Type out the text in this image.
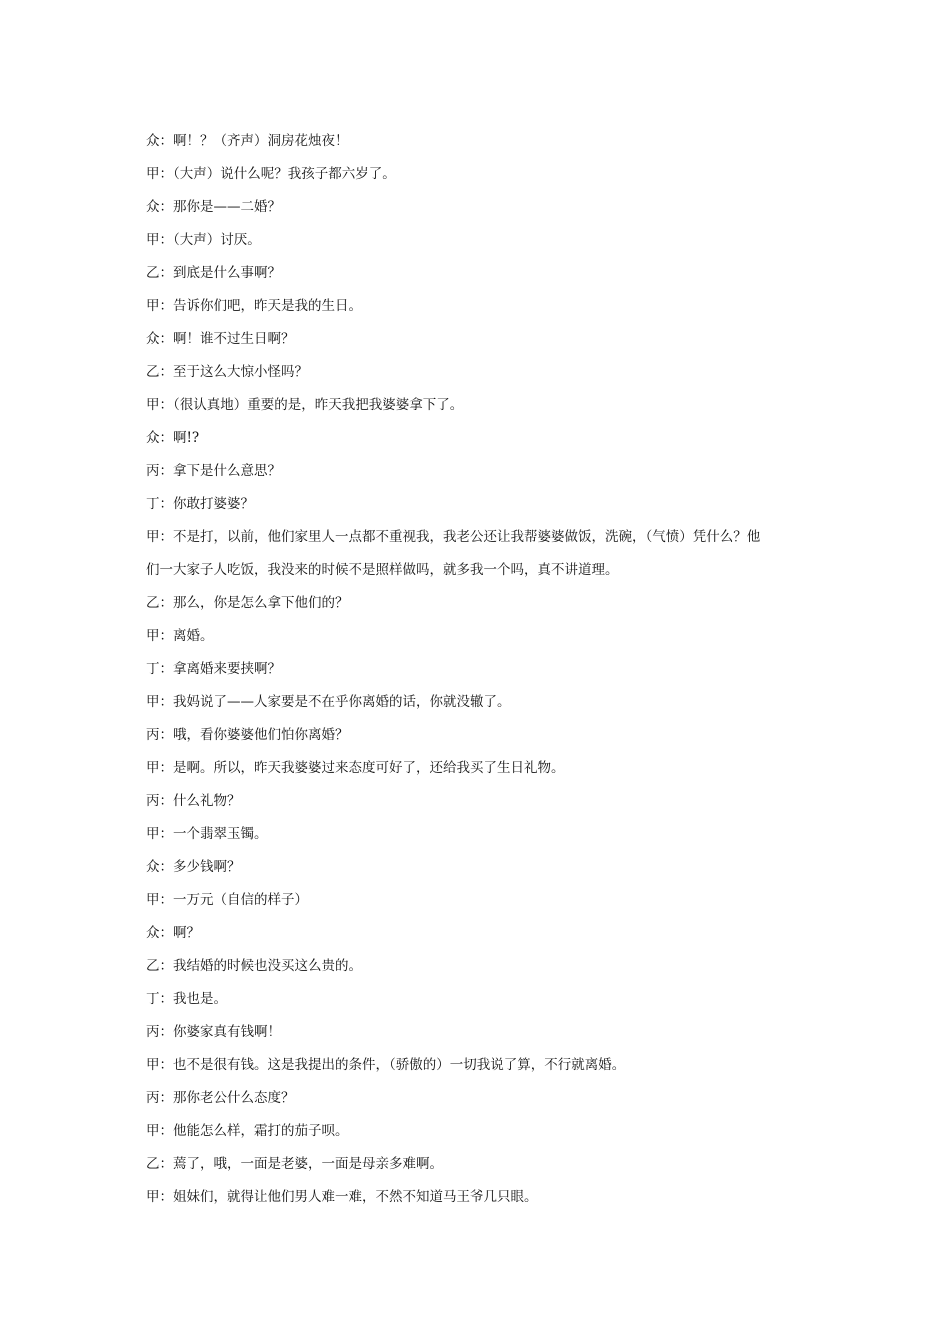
众：啊！？（齐声）洞房花烛夜！

甲：（大声）说什么呢？我孩子都六岁了。

众：那你是——二婚？

甲：（大声）讨厌。

乙：到底是什么事啊？

甲：告诉你们吧，昨天是我的生日。

众：啊！谁不过生日啊？

乙：至于这么大惊小怪吗？

甲：（很认真地）重要的是，昨天我把我婆婆拿下了。

众：啊!?

丙：拿下是什么意思？

丁：你敢打婆婆？

甲：不是打，以前，他们家里人一点都不重视我，我老公还让我帮婆婆做饭，洗碗，（气愤）凭什么？他

们一大家子人吃饭，我没来的时候不是照样做吗，就多我一个吗，真不讲道理。

乙：那么，你是怎么拿下他们的？

甲：离婚。

丁：拿离婚来要挟啊？

甲：我妈说了——人家要是不在乎你离婚的话，你就没辙了。

丙：哦，看你婆婆他们怕你离婚？

甲：是啊。所以，昨天我婆婆过来态度可好了，还给我买了生日礼物。

丙：什么礼物？

甲：一个翡翠玉镯。

众：多少钱啊？

甲：一万元（自信的样子）

众：啊？

乙：我结婚的时候也没买这么贵的。

丁：我也是。

丙：你婆家真有钱啊！

甲：也不是很有钱。这是我提出的条件，（骄傲的）一切我说了算，不行就离婚。

丙：那你老公什么态度？

甲：他能怎么样，霜打的茄子呗。

乙：蔫了，哦，一面是老婆，一面是母亲多难啊。

甲：姐妹们，就得让他们男人难一难，不然不知道马王爷几只眼。
